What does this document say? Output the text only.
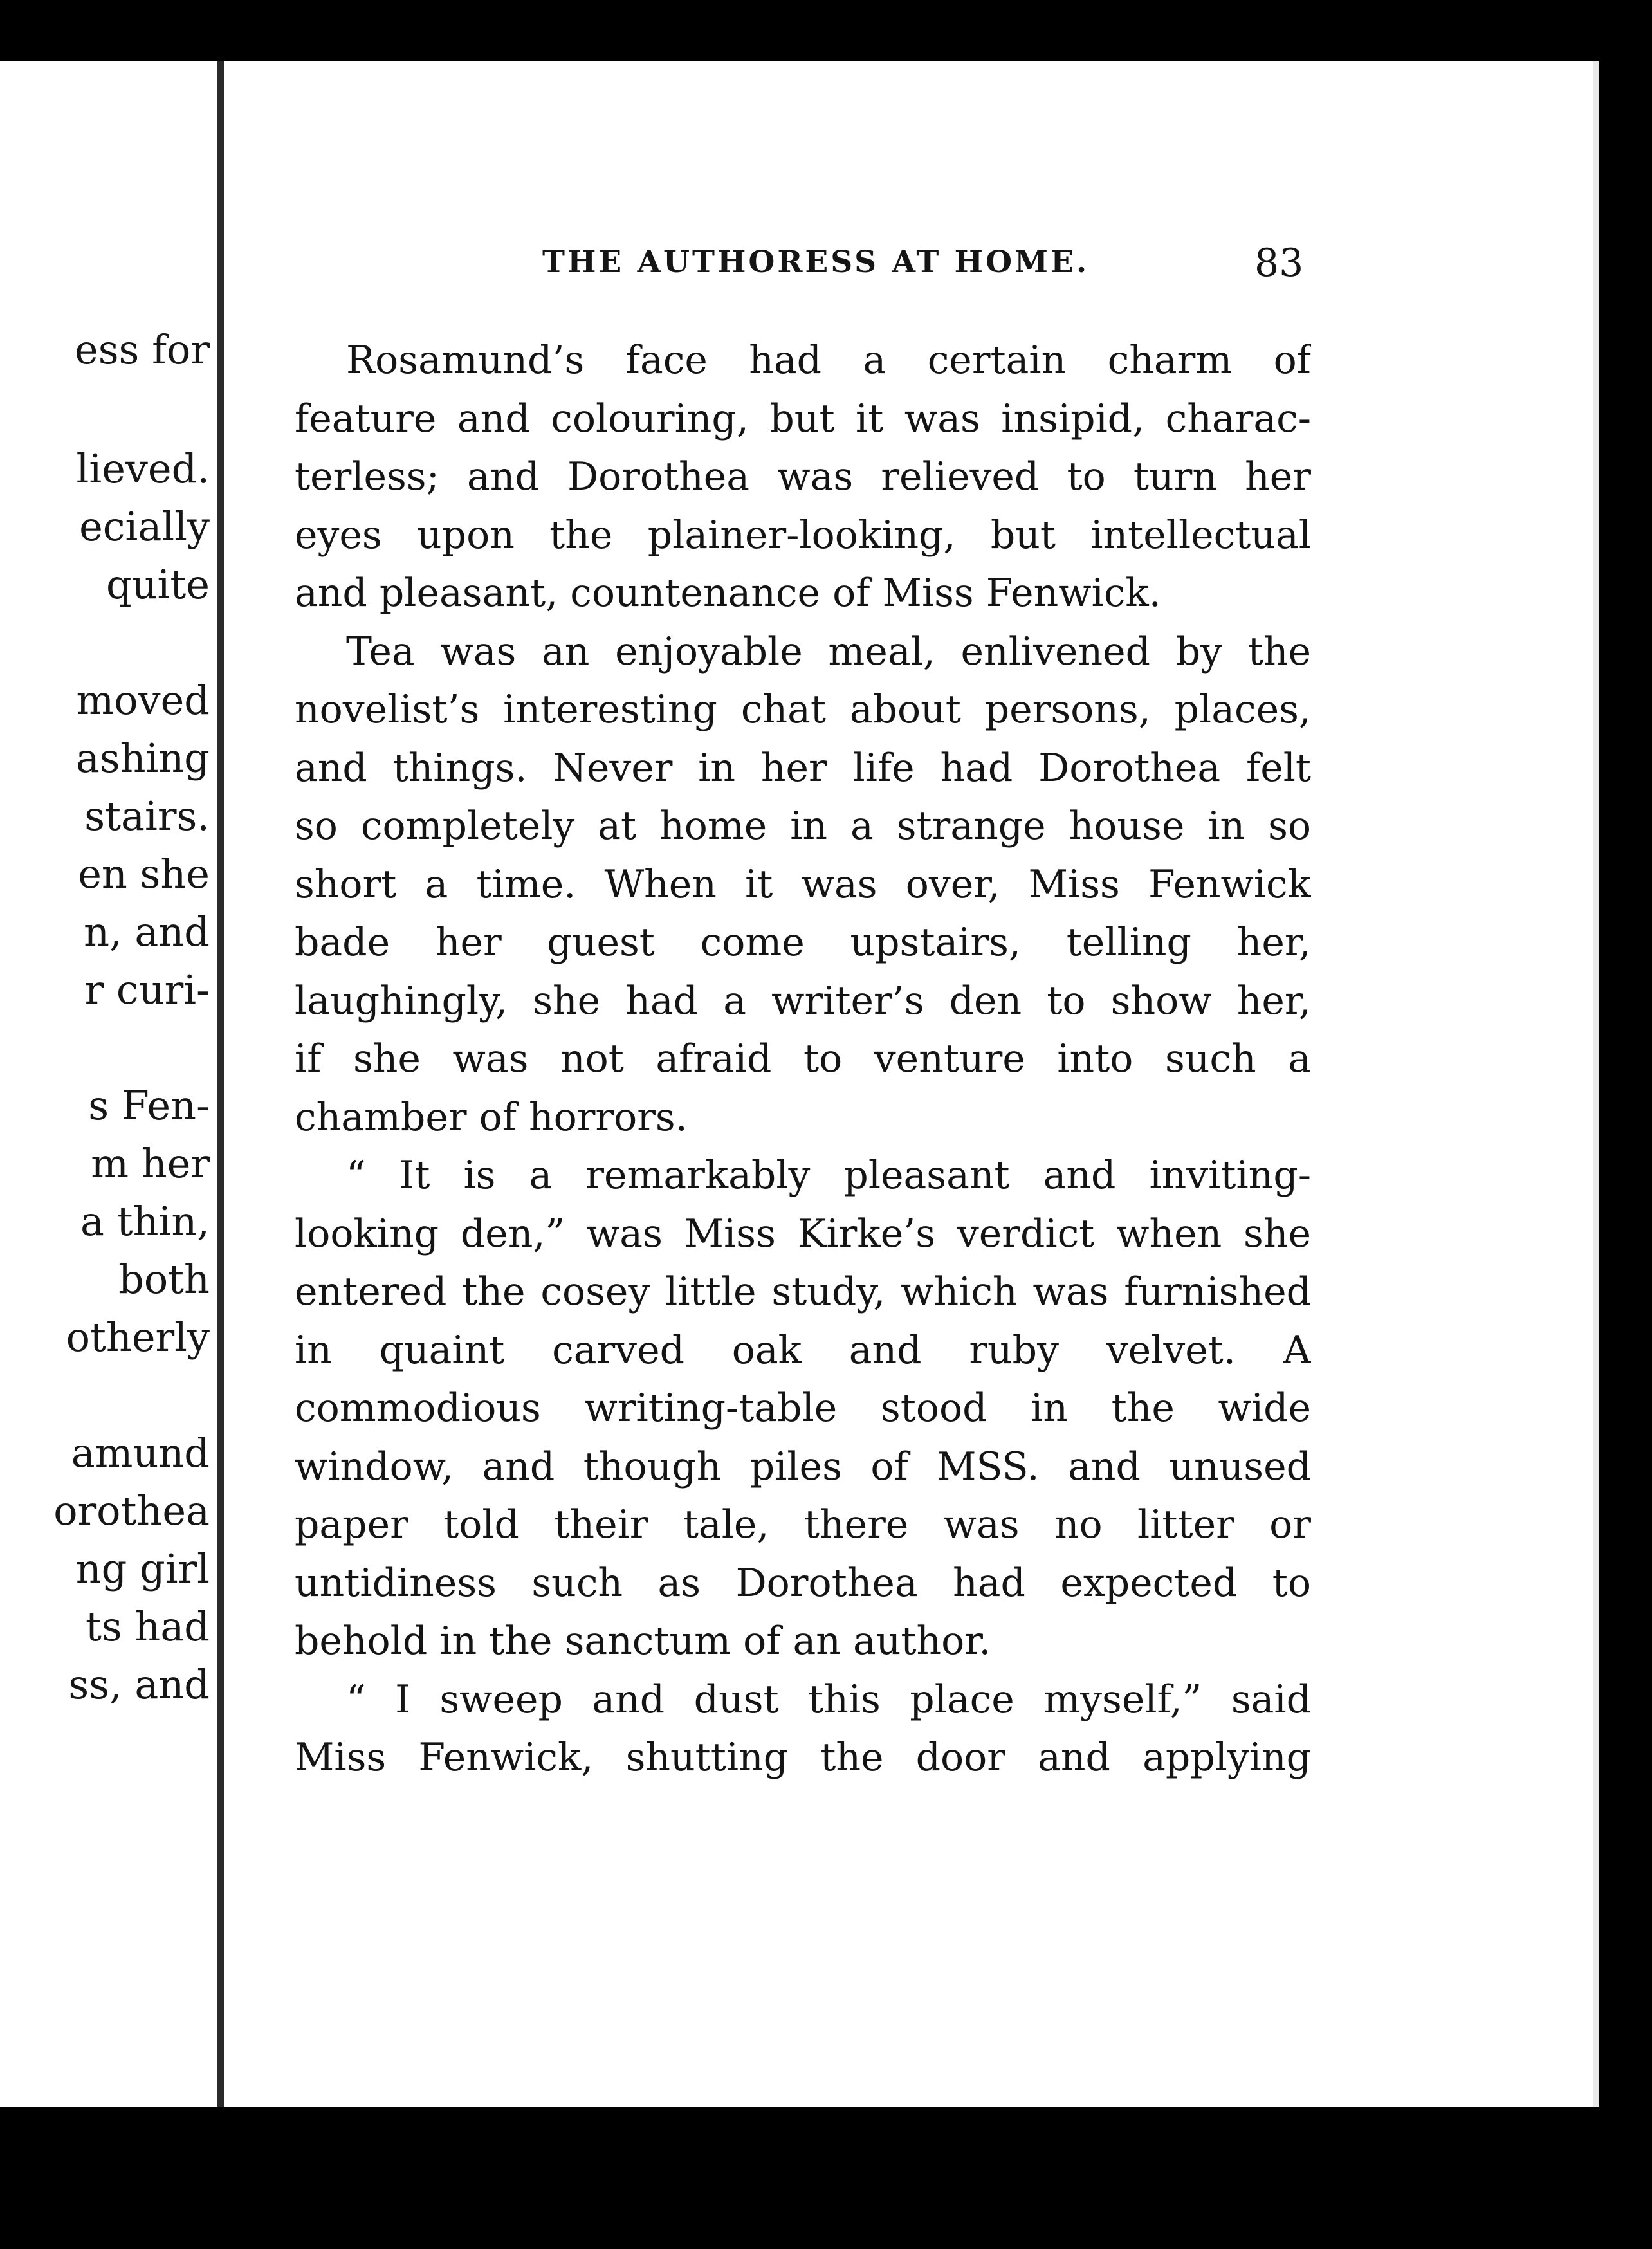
ess for
lieved.
ecially
quite
moved
ashing
stairs.
en she
n, and
r curi-
s Fen-
m her
a thin,
both
otherly
amund
orothea
ng girl
ts had
ss, and
THE AUTHORESS AT HOME.	83
Rosamund’s face had a certain charm of
feature and colouring, but it was insipid, charac-
terless; and Dorothea was relieved to turn her
eyes upon the plainer-looking, but intellectual
and pleasant, countenance of Miss Fenwick.
Tea was an enjoyable meal, enlivened by the
novelist’s interesting chat about persons, places,
and things. Never in her life had Dorothea felt
so completely at home in a strange house in so
short a time. When it was over, Miss Fenwick
bade her guest come upstairs, telling her,
laughingly, she had a writer’s den to show her,
if she was not afraid to venture into such a
chamber of horrors.
“ It is a remarkably pleasant and inviting-
looking den,” was Miss Kirke’s verdict when she
entered the cosey little study, which was furnished
in quaint carved oak and ruby velvet. A
commodious writing-table stood in the wide
window, and though piles of MSS. and unused
paper told their tale, there was no litter or
untidiness such as Dorothea had expected to
behold in the sanctum of an author.
“ I sweep and dust this place myself,” said
Miss Fenwick, shutting the door and applying
